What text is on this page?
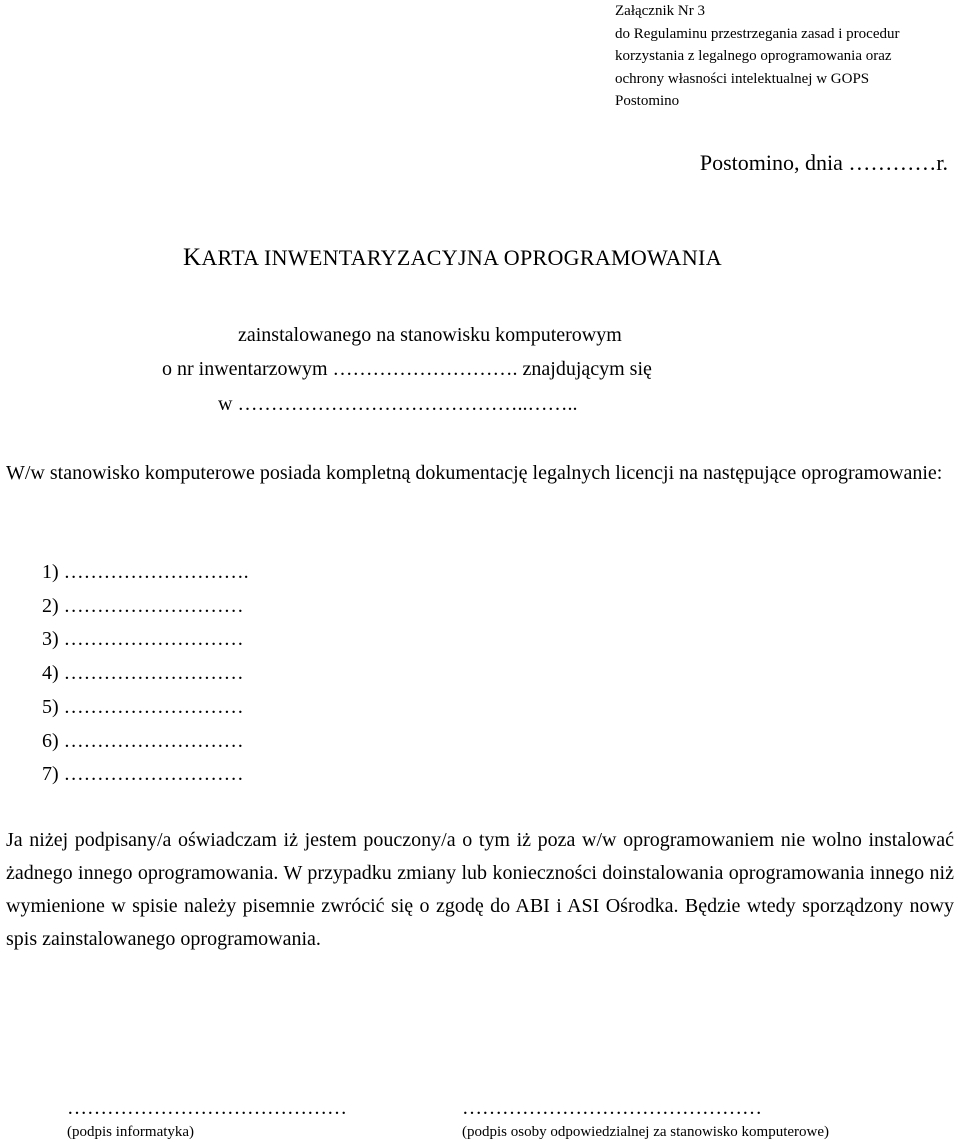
Załącznik Nr 3
do Regulaminu przestrzegania zasad i procedur
korzystania z legalnego oprogramowania oraz
ochrony własności intelektualnej w GOPS
Postomino
Postomino, dnia …………r.
KARTA INWENTARYZACYJNA OPROGRAMOWANIA
zainstalowanego na stanowisku komputerowym
o nr inwentarzowym ………………………. znajdującym się
w ……………………………………..……..
W/w stanowisko komputerowe posiada kompletną dokumentację legalnych licencji na następujące oprogramowanie:
1) ……………………….
2) ………………………
3) ………………………
4) ………………………
5) ………………………
6) ………………………
7) ………………………
Ja niżej podpisany/a oświadczam iż jestem pouczony/a o tym iż poza w/w oprogramowaniem nie wolno instalować żadnego innego oprogramowania. W przypadku zmiany lub konieczności doinstalowania oprogramowania innego niż wymienione w spisie należy pisemnie zwrócić się o zgodę do ABI i ASI Ośrodka. Będzie wtedy sporządzony nowy spis zainstalowanego oprogramowania.
……………………………………	………………………………………
(podpis informatyka)	(podpis osoby odpowiedzialnej za stanowisko komputerowe)
